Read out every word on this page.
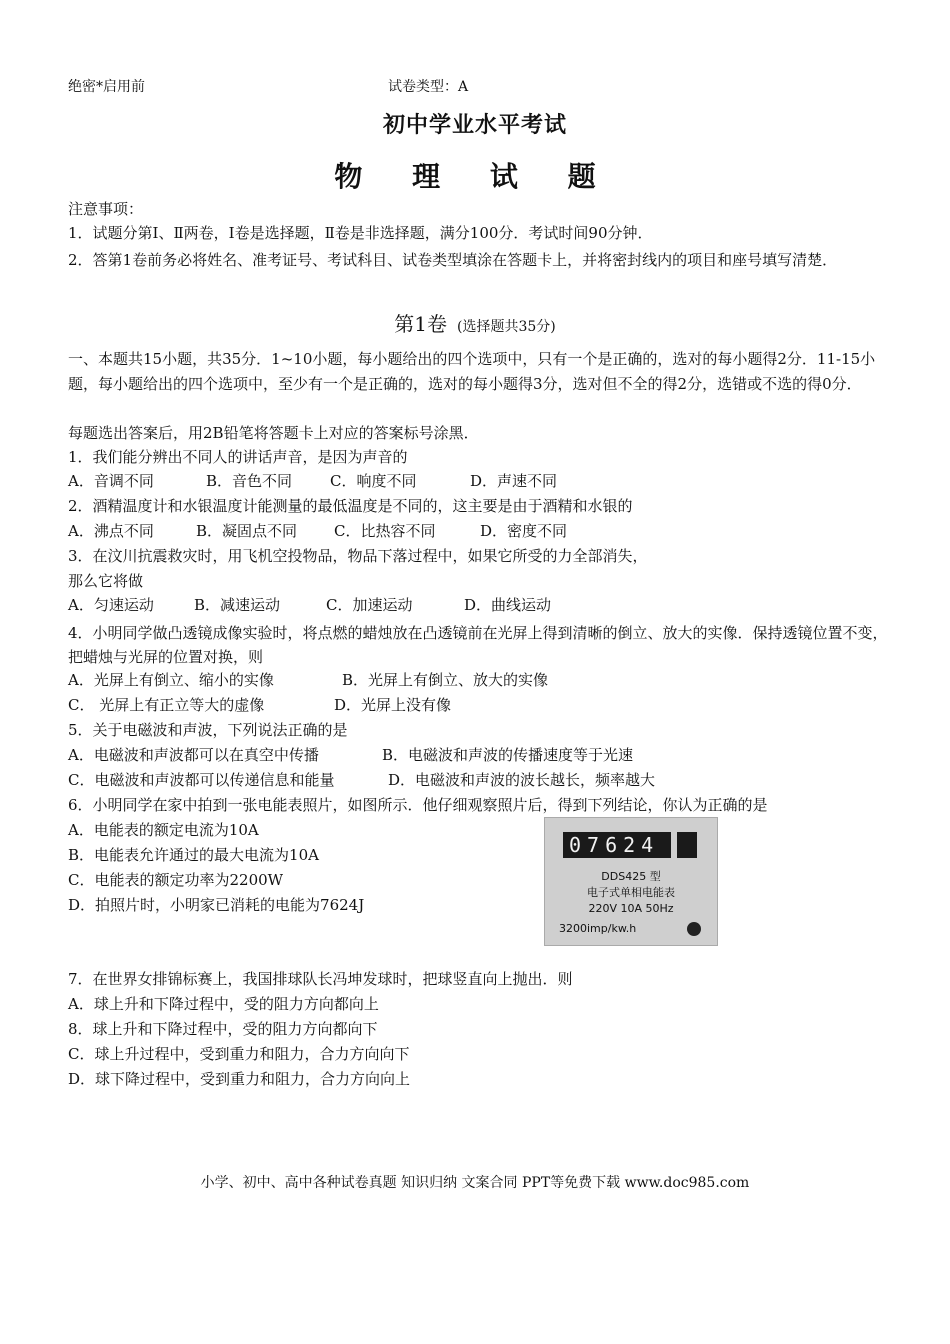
绝密*启用前	试卷类型：A
初中学业水平考试
物 理 试 题
注意事项：
1．试题分第Ⅰ、Ⅱ两卷，Ⅰ卷是选择题，Ⅱ卷是非选择题，满分100分．考试时间90分钟．
2．答第1卷前务必将姓名、准考证号、考试科目、试卷类型填涂在答题卡上，并将密封线内的项目和座号填写清楚．
第1卷 (选择题共35分)
一、本题共15小题，共35分．1~10小题，每小题给出的四个选项中，只有一个是正确的，选对的每小题得2分．11-15小题，每小题给出的四个选项中，至少有一个是正确的，选对的每小题得3分，选对但不全的得2分，选错或不选的得0分．
每题选出答案后，用2B铅笔将答题卡上对应的答案标号涂黑．
1．我们能分辨出不同人的讲话声音，是因为声音的
A．音调不同	B．音色不同	C．响度不同	D．声速不同
2．酒精温度计和水银温度计能测量的最低温度是不同的，这主要是由于酒精和水银的
A．沸点不同	B．凝固点不同 C．比热容不同	D．密度不同
3．在汶川抗震救灾时，用飞机空投物品，物品下落过程中，如果它所受的力全部消失，
那么它将做
A．匀速运动	B．减速运动	C．加速运动	D．曲线运动
4．小明同学做凸透镜成像实验时，将点燃的蜡烛放在凸透镜前在光屏上得到清晰的倒立、放大的实像．保持透镜位置不变，把蜡烛与光屏的位置对换，则
A．光屏上有倒立、缩小的实像	B．光屏上有倒立、放大的实像
C． 光屏上有正立等大的虚像	D．光屏上没有像
5．关于电磁波和声波，下列说法正确的是
A．电磁波和声波都可以在真空中传播	B．电磁波和声波的传播速度等于光速
C．电磁波和声波都可以传递信息和能量	D．电磁波和声波的波长越长，频率越大
6．小明同学在家中拍到一张电能表照片，如图所示．他仔细观察照片后，得到下列结论，你认为正确的是
A．电能表的额定电流为10A
B．电能表允许通过的最大电流为10A
C．电能表的额定功率为2200W
D．拍照片时，小明家已消耗的电能为7624J
07624
DDS425 型
电子式单相电能表
220V 10A 50Hz
3200imp/kw.h
7．在世界女排锦标赛上，我国排球队长冯坤发球时，把球竖直向上抛出．则
A．球上升和下降过程中，受的阻力方向都向上
8．球上升和下降过程中，受的阻力方向都向下
C．球上升过程中，受到重力和阻力，合力方向向下
D．球下降过程中，受到重力和阻力，合力方向向上
小学、初中、高中各种试卷真题 知识归纳 文案合同 PPT等免费下载 www.doc985.com
